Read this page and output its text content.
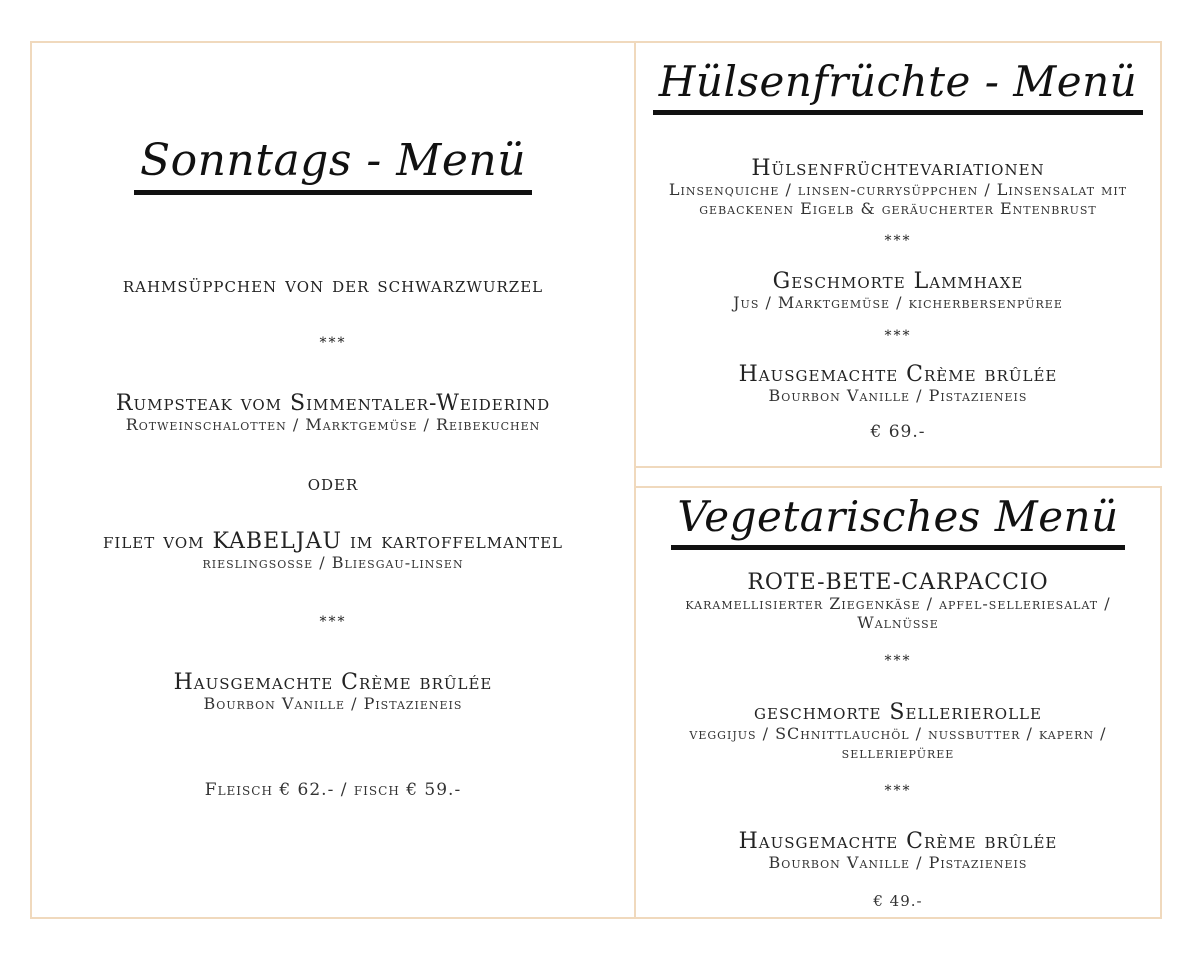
Sonntags - Menü
rahmsüppchen von der schwarzwurzel
***
Rumpsteak vom Simmentaler-Weiderind
Rotweinschalotten / Marktgemüse / Reibekuchen
oder
filet vom KABELJAU im kartoffelmantel
rieslingsosse / Bliesgau-linsen
***
Hausgemachte Crème brûlée
Bourbon Vanille / Pistazieneis
Fleisch € 62.- / fisch € 59.-
Hülsenfrüchte - Menü
Hülsenfrüchtevariationen
Linsenquiche / linsen-currysüppchen / Linsensalat mit
gebackenen Eigelb & geräucherter Entenbrust
***
Geschmorte Lammhaxe
Jus / Marktgemüse / kicherbersenpüree
***
Hausgemachte Crème brûlée
Bourbon Vanille / Pistazieneis
€ 69.-
Vegetarisches Menü
ROTE-BETE-CARPACCIO
karamellisierter Ziegenkäse / apfel-selleriesalat /
Walnüsse
***
geschmorte Sellerierolle
veggijus / SChnittlauchöl / nussbutter / kapern /
selleriepüree
***
Hausgemachte Crème brûlée
Bourbon Vanille / Pistazieneis
€ 49.-
